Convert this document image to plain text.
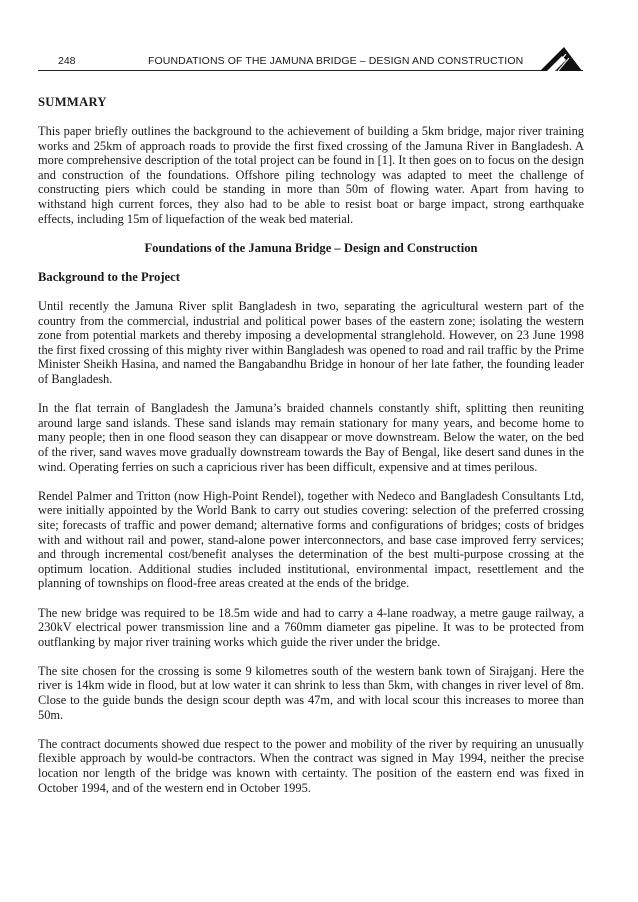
248	FOUNDATIONS OF THE JAMUNA BRIDGE – DESIGN AND CONSTRUCTION
SUMMARY

This paper briefly outlines the background to the achievement of building a 5km bridge, major river training works and 25km of approach roads to provide the first fixed crossing of the Jamuna River in Bangladesh. A more comprehensive description of the total project can be found in [1]. It then goes on to focus on the design and construction of the foundations. Offshore piling technology was adapted to meet the challenge of constructing piers which could be standing in more than 50m of flowing water. Apart from having to withstand high current forces, they also had to be able to resist boat or barge impact, strong earthquake effects, including 15m of liquefaction of the weak bed material.

Foundations of the Jamuna Bridge – Design and Construction
Background to the Project

Until recently the Jamuna River split Bangladesh in two, separating the agricultural western part of the country from the commercial, industrial and political power bases of the eastern zone; isolating the western zone from potential markets and thereby imposing a developmental stranglehold. However, on 23 June 1998 the first fixed crossing of this mighty river within Bangladesh was opened to road and rail traffic by the Prime Minister Sheikh Hasina, and named the Bangabandhu Bridge in honour of her late father, the founding leader of Bangladesh.

In the flat terrain of Bangladesh the Jamuna’s braided channels constantly shift, splitting then reuniting around large sand islands. These sand islands may remain stationary for many years, and become home to many people; then in one flood season they can disappear or move downstream. Below the water, on the bed of the river, sand waves move gradually downstream towards the Bay of Bengal, like desert sand dunes in the wind. Operating ferries on such a capricious river has been difficult, expensive and at times perilous.

Rendel Palmer and Tritton (now High-Point Rendel), together with Nedeco and Bangladesh Consultants Ltd, were initially appointed by the World Bank to carry out studies covering: selection of the preferred crossing site; forecasts of traffic and power demand; alternative forms and configurations of bridges; costs of bridges with and without rail and power, stand-alone power interconnectors, and base case improved ferry services; and through incremental cost/benefit analyses the determination of the best multi-purpose crossing at the optimum location. Additional studies included institutional, environmental impact, resettlement and the planning of townships on flood-free areas created at the ends of the bridge.

The new bridge was required to be 18.5m wide and had to carry a 4-lane roadway, a metre gauge railway, a 230kV electrical power transmission line and a 760mm diameter gas pipeline. It was to be protected from outflanking by major river training works which guide the river under the bridge.

The site chosen for the crossing is some 9 kilometres south of the western bank town of Sirajganj. Here the river is 14km wide in flood, but at low water it can shrink to less than 5km, with changes in river level of 8m. Close to the guide bunds the design scour depth was 47m, and with local scour this increases to moree than 50m.

The contract documents showed due respect to the power and mobility of the river by requiring an unusually flexible approach by would-be contractors. When the contract was signed in May 1994, neither the precise location nor length of the bridge was known with certainty. The position of the eastern end was fixed in October 1994, and of the western end in October 1995.
